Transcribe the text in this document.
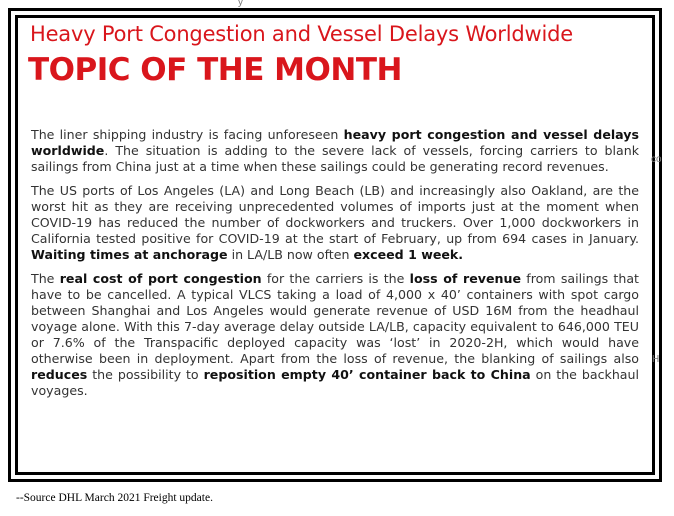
y
Heavy Port Congestion and Vessel Delays Worldwide
TOPIC OF THE MONTH

The liner shipping industry is facing unforeseen heavy port congestion and vessel delays worldwide. The situation is adding to the severe lack of vessels, forcing carriers to blank sailings from China just at a time when these sailings could be generating record revenues.

The US ports of Los Angeles (LA) and Long Beach (LB) and increasingly also Oakland, are the worst hit as they are receiving unprecedented volumes of imports just at the moment when COVID-19 has reduced the number of dockworkers and truckers. Over 1,000 dockworkers in California tested positive for COVID-19 at the start of February, up from 694 cases in January. Waiting times at anchorage in LA/LB now often exceed 1 week.

The real cost of port congestion for the carriers is the loss of revenue from sailings that have to be cancelled. A typical VLCS taking a load of 4,000 x 40’ containers with spot cargo between Shanghai and Los Angeles would generate revenue of USD 16M from the headhaul voyage alone. With this 7-day average delay outside LA/LB, capacity equivalent to 646,000 TEU or 7.6% of the Transpacific deployed capacity was ‘lost’ in 2020-2H, which would have otherwise been in deployment. Apart from the loss of revenue, the blanking of sailings also reduces the possibility to reposition empty 40’ container back to China on the backhaul voyages.

co
H
--Source DHL March 2021 Freight update.
